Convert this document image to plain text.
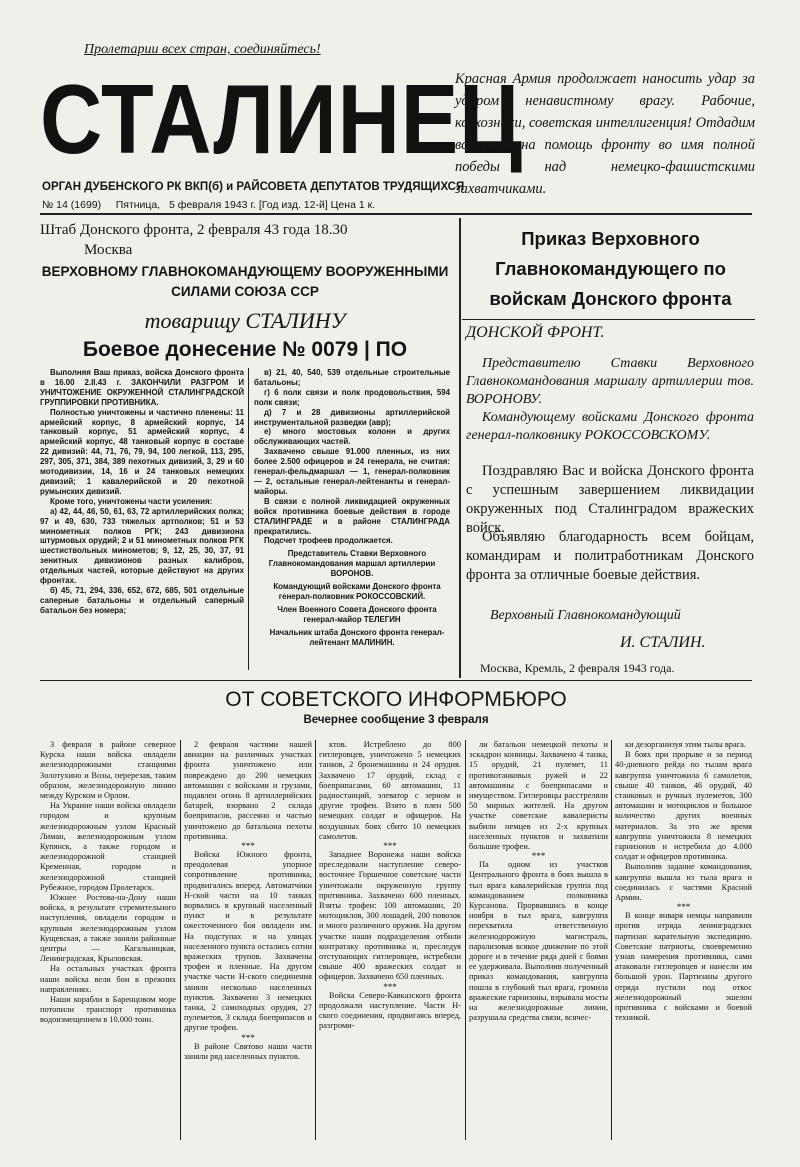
Пролетарии всех стран, соединяйтесь!
СТАЛИНЕЦ
ОРГАН ДУБЕНСКОГО РК ВКП(б) и РАЙСОВЕТА ДЕПУТАТОВ ТРУДЯЩИХСЯ
№ 14 (1699)     Пятница,   5 февраля 1943 г. [Год изд. 12-й] Цена 1 к.
Красная Армия продолжает наносить удар за ударом ненавистному врагу. Рабочие, колхозники, советская интеллигенция! Отдадим все силы на помощь фронту во имя полной победы над немецко-фашистскими захватчиками.
Штаб Донского фронта, 2 февраля 43 года 18.30
Москва
ВЕРХОВНОМУ ГЛАВНОКОМАНДУЮЩЕМУ ВООРУЖЕННЫМИ
СИЛАМИ СОЮЗА ССР
товарищу СТАЛИНУ
Боевое донесение № 0079 | ПО

Выполняя Ваш приказ, войска Донского фронта в 16.00 2.II.43 г. ЗАКОНЧИЛИ РАЗГРОМ И УНИЧТОЖЕНИЕ ОКРУЖЕННОЙ СТАЛИНГРАДСКОЙ ГРУППИРОВКИ ПРОТИВНИКА.

Полностью уничтожены и частично пленены: 11 армейский корпус, 8 армейский корпус, 14 танковый корпус, 51 армейский корпус, 4 армейский корпус, 48 танковый корпус в составе 22 дивизий: 44, 71, 76, 79, 94, 100 легкой, 113, 295, 297, 305, 371, 384, 389 пехотных дивизий, 3, 29 и 60 мотодивизии, 14, 16 и 24 танковых немецких дивизий; 1 кавалерийской и 20 пехотной румынских дивизий.

Кроме того, уничтожены части усиления:

а) 42, 44, 46, 50, 61, 63, 72 артиллерийских полка; 97 и 49, 630, 733 тяжелых артполков; 51 и 53 минометных полков РГК; 243 дивизиона штурмовых орудий; 2 и 51 минометных полков РГК шестиствольных минометов; 9, 12, 25, 30, 37, 91 зенитных дивизионов разных калибров, отдельных частей, которые действуют на других фронтах.

б) 45, 71, 294, 336, 652, 672, 685, 501 отдельные саперные батальоны и отдельный саперный батальон без номера;

в) 21, 40, 540, 539 отдельные строительные батальоны;

г) 6 полк связи и полк продовольствия, 594 полк связи;

д) 7 и 28 дивизионы артиллерийской инструментальной разведки (авр);

е) много мостовых колонн и других обслуживающих частей.

Захвачено свыше 91.000 пленных, из них более 2.500 офицеров и 24 генерала, не считая: генерал-фельдмаршал — 1, генерал-полковник — 2, остальные генерал-лейтенанты и генерал-майоры.

В связи с полной ликвидацией окруженных войск противника боевые действия в городе СТАЛИНГРАДЕ и в районе СТАЛИНГРАДА прекратились.

Подсчет трофеев продолжается.

Представитель Ставки Верховного Главнокомандования маршал артиллерии ВОРОНОВ.

Командующий войсками Донского фронта генерал-полковник РОКОССОВСКИЙ.

Член Военного Совета Донского фронта генерал-майор ТЕЛЕГИН

Начальник штаба Донского фронта генерал-лейтенант МАЛИНИН.

Приказ Верховного Главнокомандующего по войскам Донского фронта
ДОНСКОЙ ФРОНТ.
Представителю Ставки Верховного Главнокомандования маршалу артиллерии тов. ВОРОНОВУ.
Командующему войсками Донского фронта генерал-полковнику РОКОССОВСКОМУ.
Поздравляю Вас и войска Донского фронта с успешным завершением ликвидации окруженных под Сталинградом вражеских войск.
Объявляю благодарность всем бойцам, командирам и политработникам Донского фронта за отличные боевые действия.
Верховный Главнокомандующий
И. СТАЛИН.
Москва, Кремль, 2 февраля 1943 года.
ОТ СОВЕТСКОГО ИНФОРМБЮРО
Вечернее сообщение 3 февраля

3 февраля в районе северное Курска наши войска овладели железнодорожными станциями Золотухино и Возы, перерезав, таким образом, железнодорожную линию между Курском и Орлом.

На Украине наши войска овладели городом и крупным железнодорожным узлом Красный Лиман, железнодорожным узлом Купянск, а также городом и железнодорожной станцией Кременная, городом и железнодорожной станцией Рубежное, городом Пролетарск.

Южнее Ростова-на-Дону наши войска, в результате стремительного наступления, овладели городом и крупным железнодорожным узлом Кущевская, а также заняли районные центры — Кагальницкая, Ленинградская, Крыловская.

На остальных участках фронта наши войска вели бои в прежних направлениях.

Наши корабли в Баренцовом море потопили транспорт противника водоизмещением в 10.000 тонн.

2 февраля частями нашей авиации на различных участках фронта уничтожено или повреждено до 200 немецких автомашин с войсками и грузами, подавлен огонь 8 артиллерийских батарей, взорвано 2 склада боеприпасов, рассеяно и частью уничтожено до батальона пехоты противника.

***

Войска Южного фронта, преодолевая упорное сопротивление противника, продвигались вперед. Автоматчики Н-ской части на 10 танках ворвались в крупный населенный пункт и в результате ожесточенного боя овладели им. На подступах и на улицах населенного пункта остались сотни вражеских трупов. Захвачены трофеи и пленные. На другом участке части Н-ского соединения заняли несколько населенных пунктов. Захвачено 3 немецких танка, 2 самоходных орудия, 27 пулеметов, 3 склада боеприпасов и другие трофеи.

***

В районе Святово наши части заняли ряд населенных пунктов.

ктов. Истреблено до 800 гитлеровцев, уничтожено 5 немецких танков, 2 бронемашины и 24 орудия. Захвачено 17 орудий, склад с боеприпасами, 60 автомашин, 11 радиостанций, элеватор с зерном и другие трофеи. Взято в плен 500 немецких солдат и офицеров. На воздушных боях сбито 10 немецких самолетов.

***

Западнее Воронежа наши войска преследовали наступление северо-восточнее Горшечное советские части уничтожали окруженную группу противника. Захвачено 600 пленных. Взяты трофеи: 100 автомашин, 20 мотоциклов, 300 лошадей, 200 повозок и много различного оружия. На другом участке наши подразделения отбили контратаку противника и, преследуя отступающих гитлеровцев, истребили свыше 400 вражеских солдат и офицеров. Захвачено 650 пленных.

***

Войска Северо-Кавказского фронта продолжали наступление. Части Н-ского соединения, продвигаясь вперед, разгроми-

ли батальон немецкой пехоты и эскадрон конницы. Захвачено 4 танка, 15 орудий, 21 пулемет, 11 противотанковых ружей и 22 автомашины с боеприпасами и имуществом. Гитлеровцы расстреляли 50 мирных жителей. На другом участке советские кавалеристы выбили немцев из 2-х крупных населенных пунктов и захватили большие трофеи.

***

Па одном из участков Центрального фронта в боях вышла в тыл врага кавалерийская группа под командованием полковника Курсанова. Прорвавшись в конце ноября в тыл врага, кавгруппа перехватила ответственную железнодорожную магистраль, парализовав всякое движение по этой дороге и в течение ряда дней с боями ее удерживала. Выполнив полученный приказ командования, кавгруппа пошла в глубокий тыл врага, громила вражеские гарнизоны, взрывала мосты на железнодорожные линии, разрушала средства связи, всячес-

ки дезорганизуя этим тылы врага.

В боях при прорыве и за период 40-дневного рейда по тылам врага кавгруппа уничтожила 6 самолетов, свыше 40 танков, 46 орудий, 40 станковых и ручных пулеметов, 300 автомашин и мотоциклов и большое количество других военных материалов. За это же время кавгруппа уничтожила 8 немецких гарнизонов и истребила до 4.000 солдат и офицеров противника.

Выполнив задание командования, кавгруппа вышла из тыла врага и соединилась с частями Красной Армии.

***

В конце января немцы направили против отряда ленинградских партизан карательную экспедицию. Советские патриоты, своевременно узнав намерения противника, сами атаковали гитлеровцев и нанесли им большой урон. Партизаны другого отряда пустили под откос железнодорожный эшелон противника с войсками и боевой техникой.
